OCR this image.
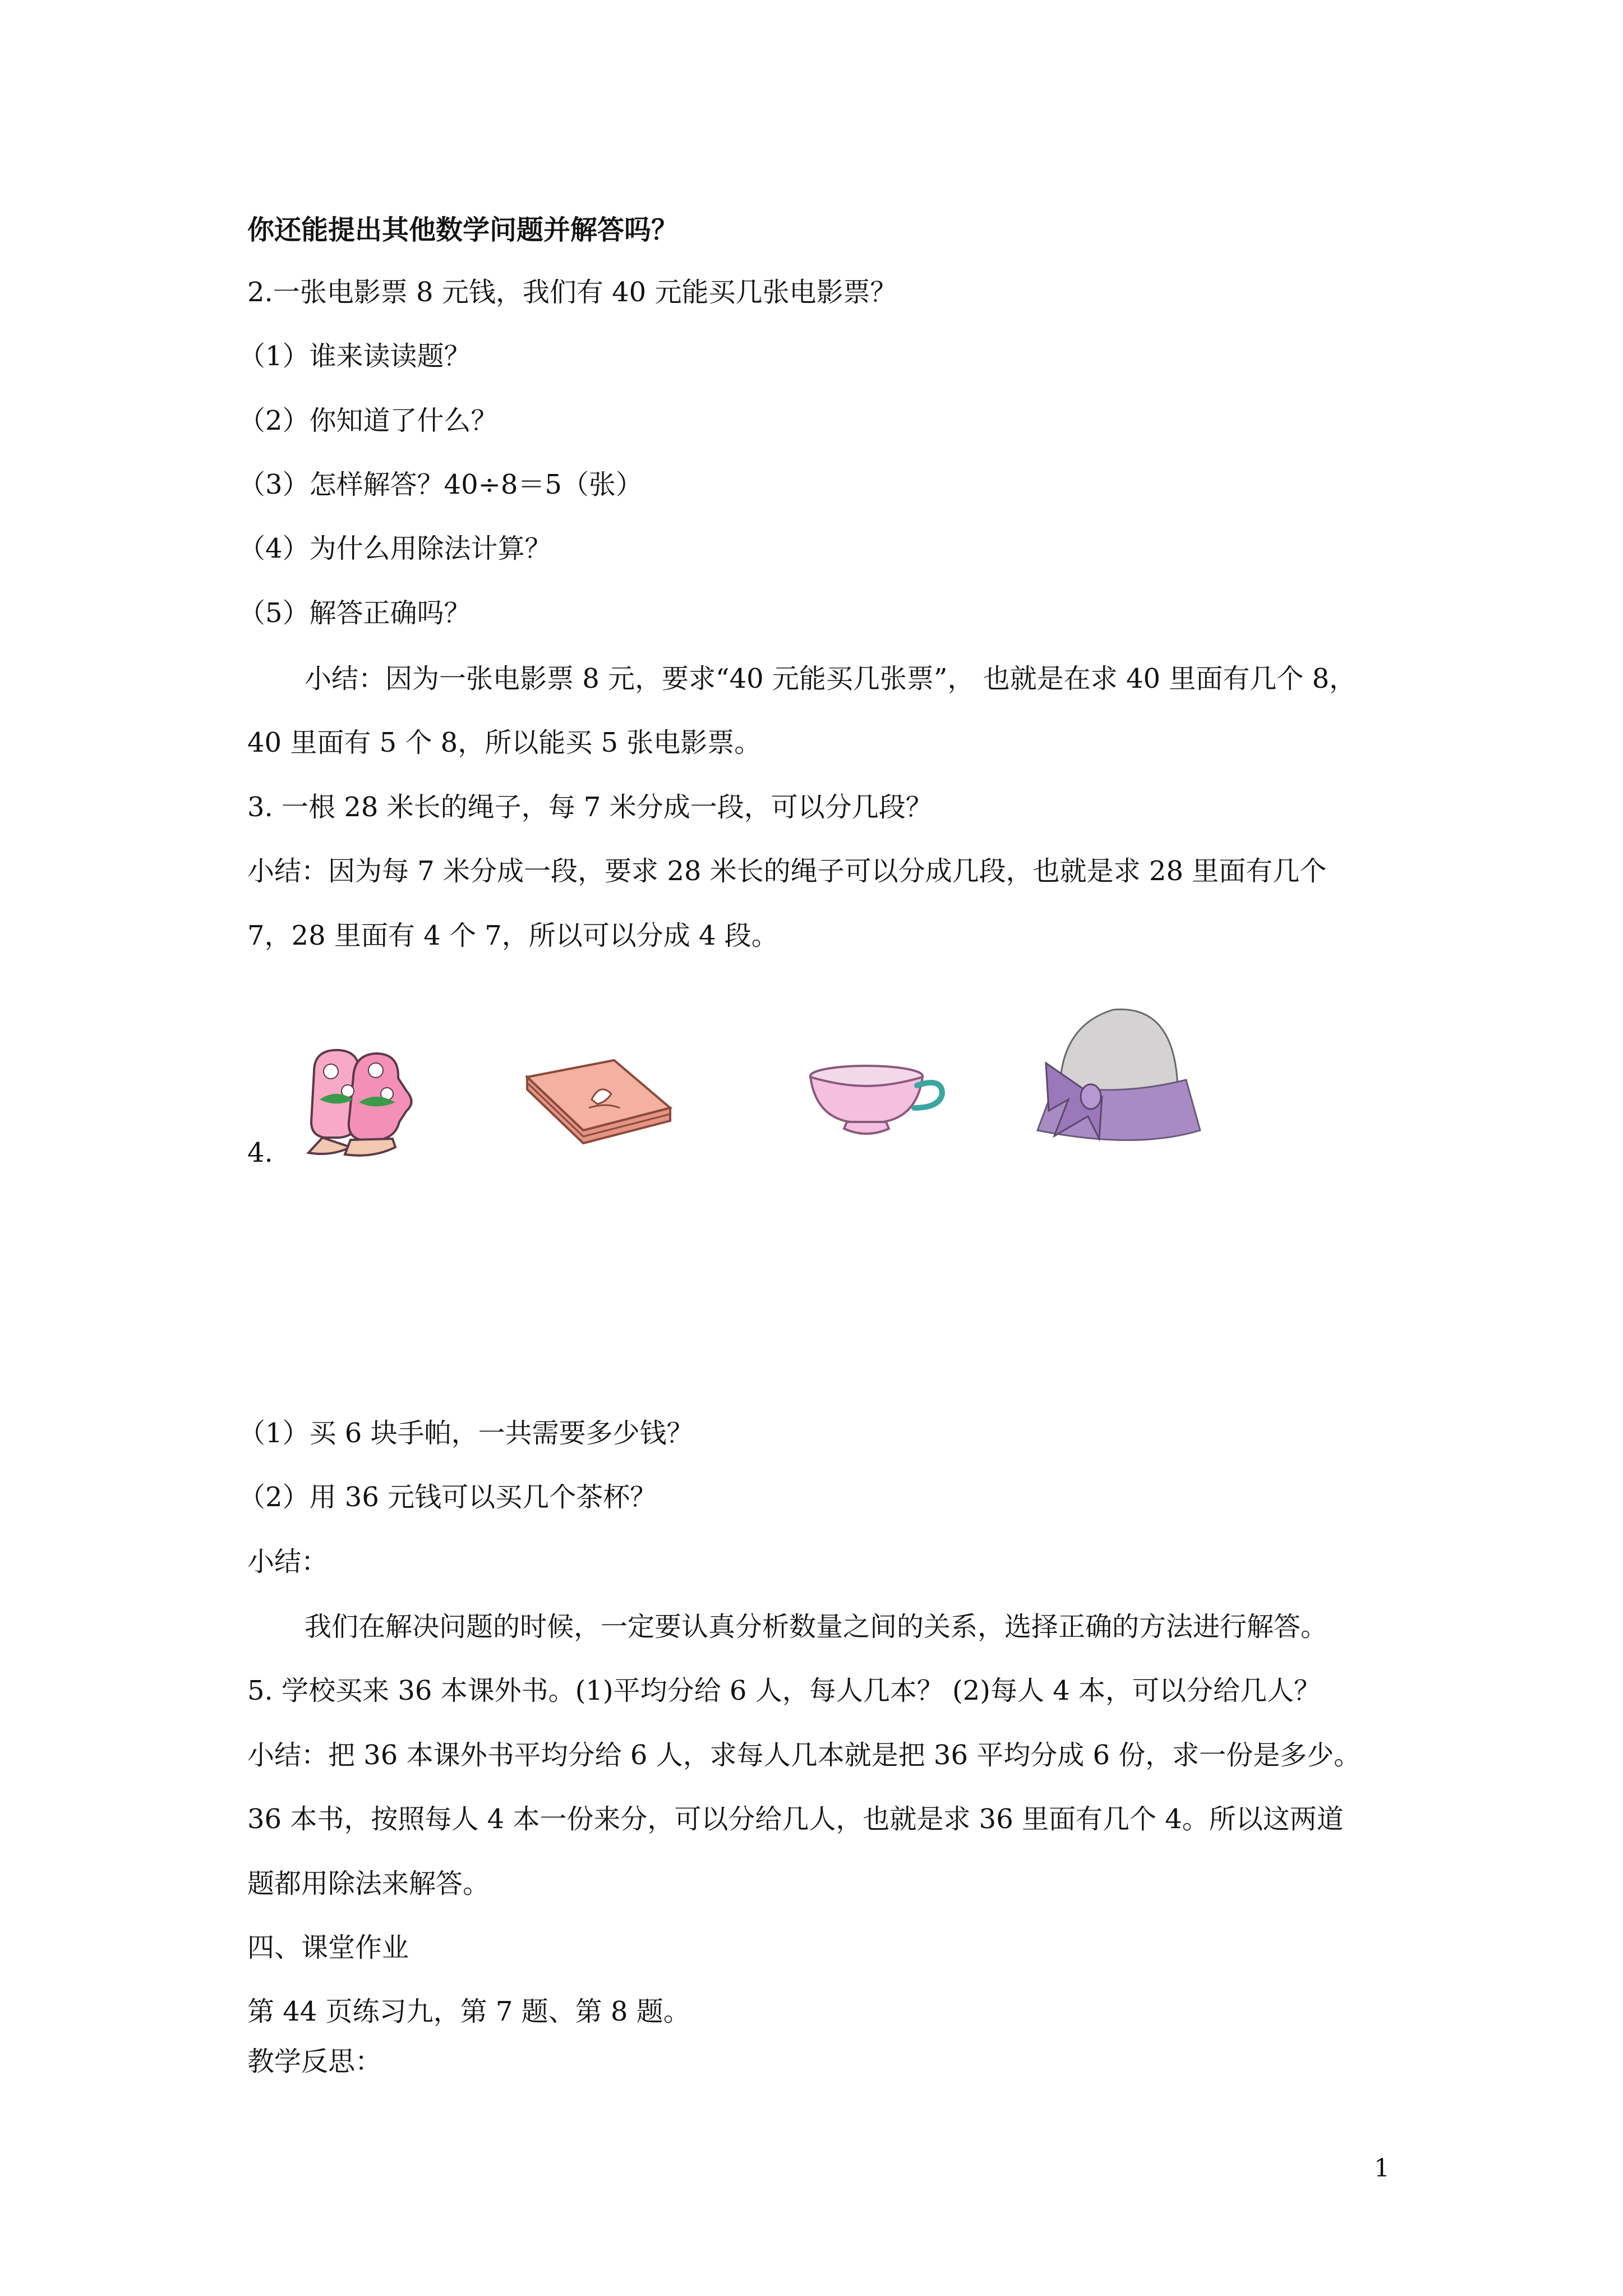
你还能提出其他数学问题并解答吗？
2.一张电影票 8 元钱，我们有 40 元能买几张电影票？
（1）谁来读读题？
（2）你知道了什么？
（3）怎样解答？40÷8＝5（张）
（4）为什么用除法计算？
（5）解答正确吗？
小结：因为一张电影票 8 元，要求“40 元能买几张票”， 也就是在求 40 里面有几个 8，
40 里面有 5 个 8，所以能买 5 张电影票。
3. 一根 28 米长的绳子，每 7 米分成一段，可以分几段？
小结：因为每 7 米分成一段，要求 28 米长的绳子可以分成几段，也就是求 28 里面有几个
7，28 里面有 4 个 7，所以可以分成 4 段。
4.
（1）买 6 块手帕，一共需要多少钱？
（2）用 36 元钱可以买几个茶杯？
小结：
我们在解决问题的时候，一定要认真分析数量之间的关系，选择正确的方法进行解答。
5. 学校买来 36 本课外书。(1)平均分给 6 人，每人几本？ (2)每人 4 本，可以分给几人？
小结：把 36 本课外书平均分给 6 人，求每人几本就是把 36 平均分成 6 份，求一份是多少。
36 本书，按照每人 4 本一份来分，可以分给几人，也就是求 36 里面有几个 4。所以这两道
题都用除法来解答。
四、课堂作业
第 44 页练习九，第 7 题、第 8 题。
教学反思：
1
